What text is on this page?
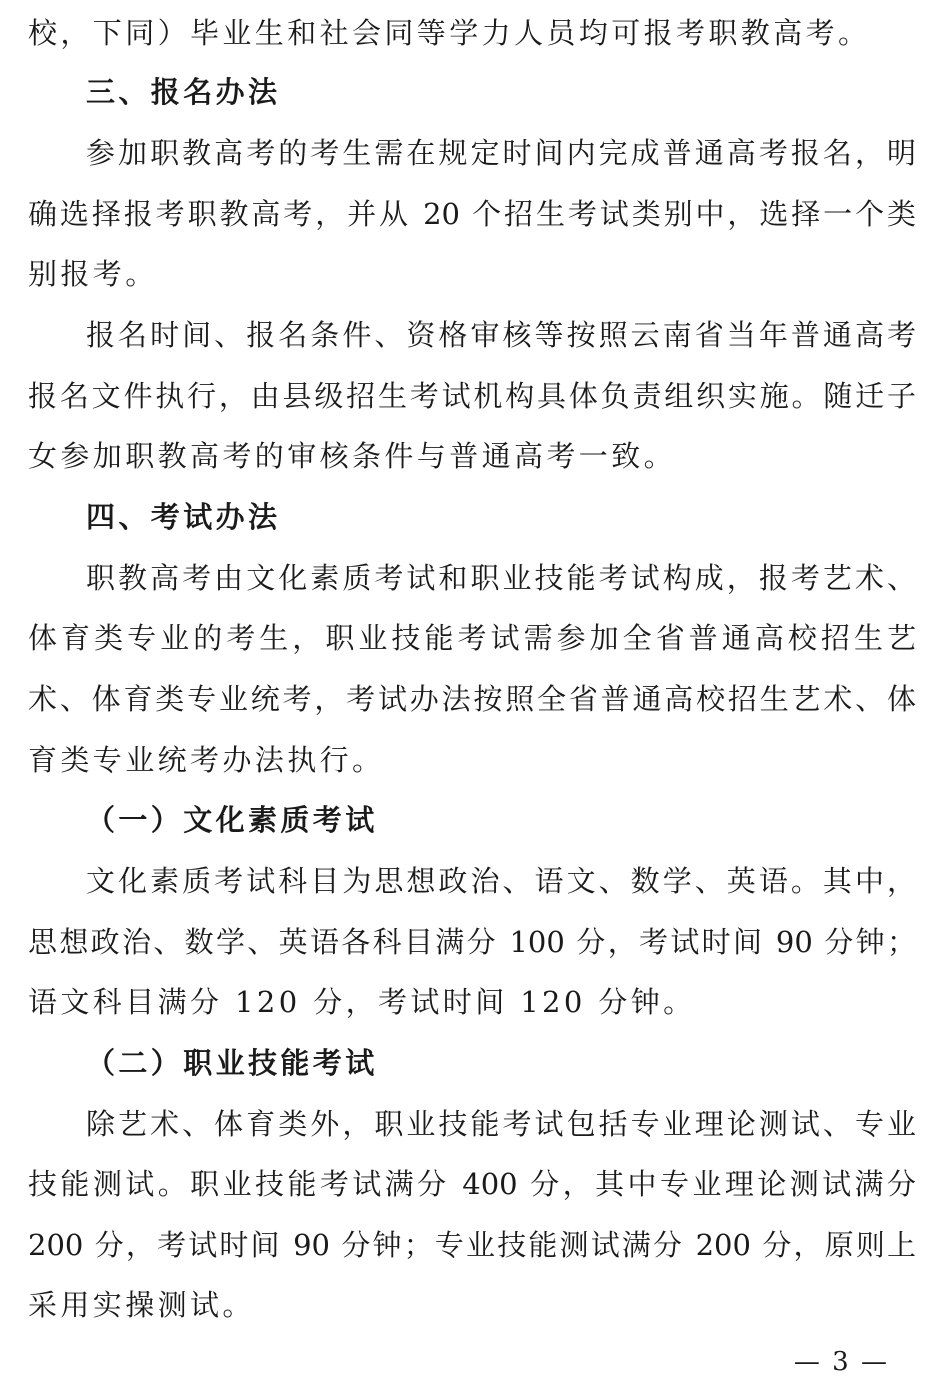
校，下同）毕业生和社会同等学力人员均可报考职教高考。
三、报名办法
参加职教高考的考生需在规定时间内完成普通高考报名，明
确选择报考职教高考，并从 20 个招生考试类别中，选择一个类
别报考。
报名时间、报名条件、资格审核等按照云南省当年普通高考
报名文件执行，由县级招生考试机构具体负责组织实施。随迁子
女参加职教高考的审核条件与普通高考一致。
四、考试办法
职教高考由文化素质考试和职业技能考试构成，报考艺术、
体育类专业的考生，职业技能考试需参加全省普通高校招生艺
术、体育类专业统考，考试办法按照全省普通高校招生艺术、体
育类专业统考办法执行。
（一）文化素质考试
文化素质考试科目为思想政治、语文、数学、英语。其中，
思想政治、数学、英语各科目满分 100 分，考试时间 90 分钟；
语文科目满分 120 分，考试时间 120 分钟。
（二）职业技能考试
除艺术、体育类外，职业技能考试包括专业理论测试、专业
技能测试。职业技能考试满分 400 分，其中专业理论测试满分
200 分，考试时间 90 分钟；专业技能测试满分 200 分，原则上
采用实操测试。
— 3 —
